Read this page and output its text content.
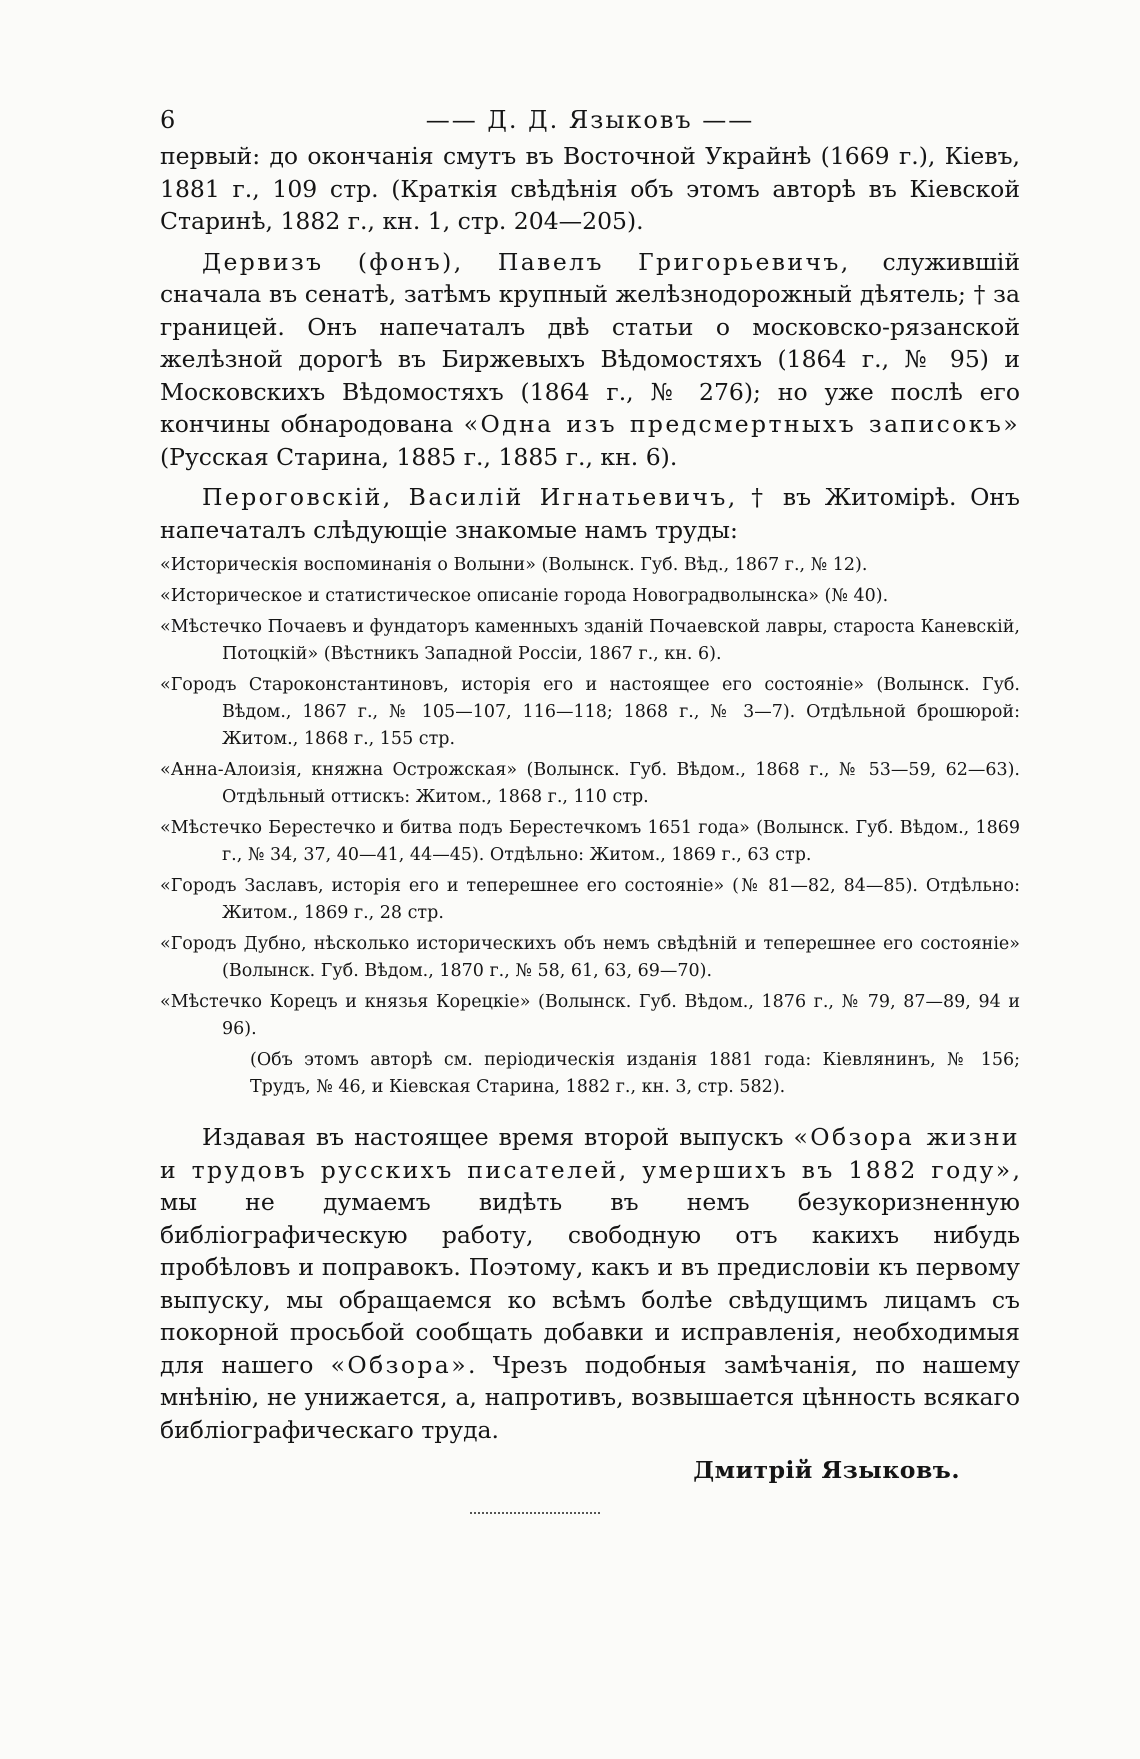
6	—— Д. Д. Языковъ ——

первый: до окончанія смутъ въ Восточной Украйнѣ (1669 г.), Кіевъ, 1881 г., 109 стр. (Краткія свѣдѣнія объ этомъ авторѣ въ Кіевской Старинѣ, 1882 г., кн. 1, стр. 204—205).

Дервизъ (фонъ), Павелъ Григорьевичъ, служившій сначала въ сенатѣ, затѣмъ крупный желѣзнодорожный дѣятель; † за границей. Онъ напечаталъ двѣ статьи о московско-рязанской желѣзной дорогѣ въ Биржевыхъ Вѣдомостяхъ (1864 г., № 95) и Московскихъ Вѣдомостяхъ (1864 г., № 276); но уже послѣ его кончины обнародована «Одна изъ предсмертныхъ записокъ» (Русская Старина, 1885 г., 1885 г., кн. 6).

Пероговскій, Василій Игнатьевичъ, † въ Житомірѣ. Онъ напечаталъ слѣдующіе знакомые намъ труды:

«Историческія воспоминанія о Волыни» (Волынск. Губ. Вѣд., 1867 г., № 12).

«Историческое и статистическое описаніе города Новоградволынска» (№ 40).

«Мѣстечко Почаевъ и фундаторъ каменныхъ зданій Почаевской лавры, староста Каневскій, Потоцкій» (Вѣстникъ Западной Россіи, 1867 г., кн. 6).

«Городъ Староконстантиновъ, исторія его и настоящее его состояніе» (Волынск. Губ. Вѣдом., 1867 г., № 105—107, 116—118; 1868 г., № 3—7). Отдѣльной брошюрой: Житом., 1868 г., 155 стр.

«Анна-Алоизія, княжна Острожская» (Волынск. Губ. Вѣдом., 1868 г., № 53—59, 62—63). Отдѣльный оттискъ: Житом., 1868 г., 110 стр.

«Мѣстечко Берестечко и битва подъ Берестечкомъ 1651 года» (Волынск. Губ. Вѣдом., 1869 г., № 34, 37, 40—41, 44—45). Отдѣльно: Житом., 1869 г., 63 стр.

«Городъ Заславъ, исторія его и теперешнее его состояніе» (№ 81—82, 84—85). Отдѣльно: Житом., 1869 г., 28 стр.

«Городъ Дубно, нѣсколько историческихъ объ немъ свѣдѣній и теперешнее его состояніе» (Волынск. Губ. Вѣдом., 1870 г., № 58, 61, 63, 69—70).

«Мѣстечко Корецъ и князья Корецкіе» (Волынск. Губ. Вѣдом., 1876 г., № 79, 87—89, 94 и 96).

(Объ этомъ авторѣ см. періодическія изданія 1881 года: Кіевлянинъ, № 156; Трудъ, № 46, и Кіевская Старина, 1882 г., кн. 3, стр. 582).

Издавая въ настоящее время второй выпускъ «Обзора жизни и трудовъ русскихъ писателей, умершихъ въ 1882 году», мы не думаемъ видѣть въ немъ безукоризненную библіографическую работу, свободную отъ какихъ нибудь пробѣловъ и поправокъ. Поэтому, какъ и въ предисловіи къ первому выпуску, мы обращаемся ко всѣмъ болѣе свѣдущимъ лицамъ съ покорной просьбой сообщать добавки и исправленія, необходимыя для нашего «Обзора». Чрезъ подобныя замѣчанія, по нашему мнѣнію, не унижается, а, напротивъ, возвышается цѣнность всякаго библіографическаго труда.

Дмитрій Языковъ.
